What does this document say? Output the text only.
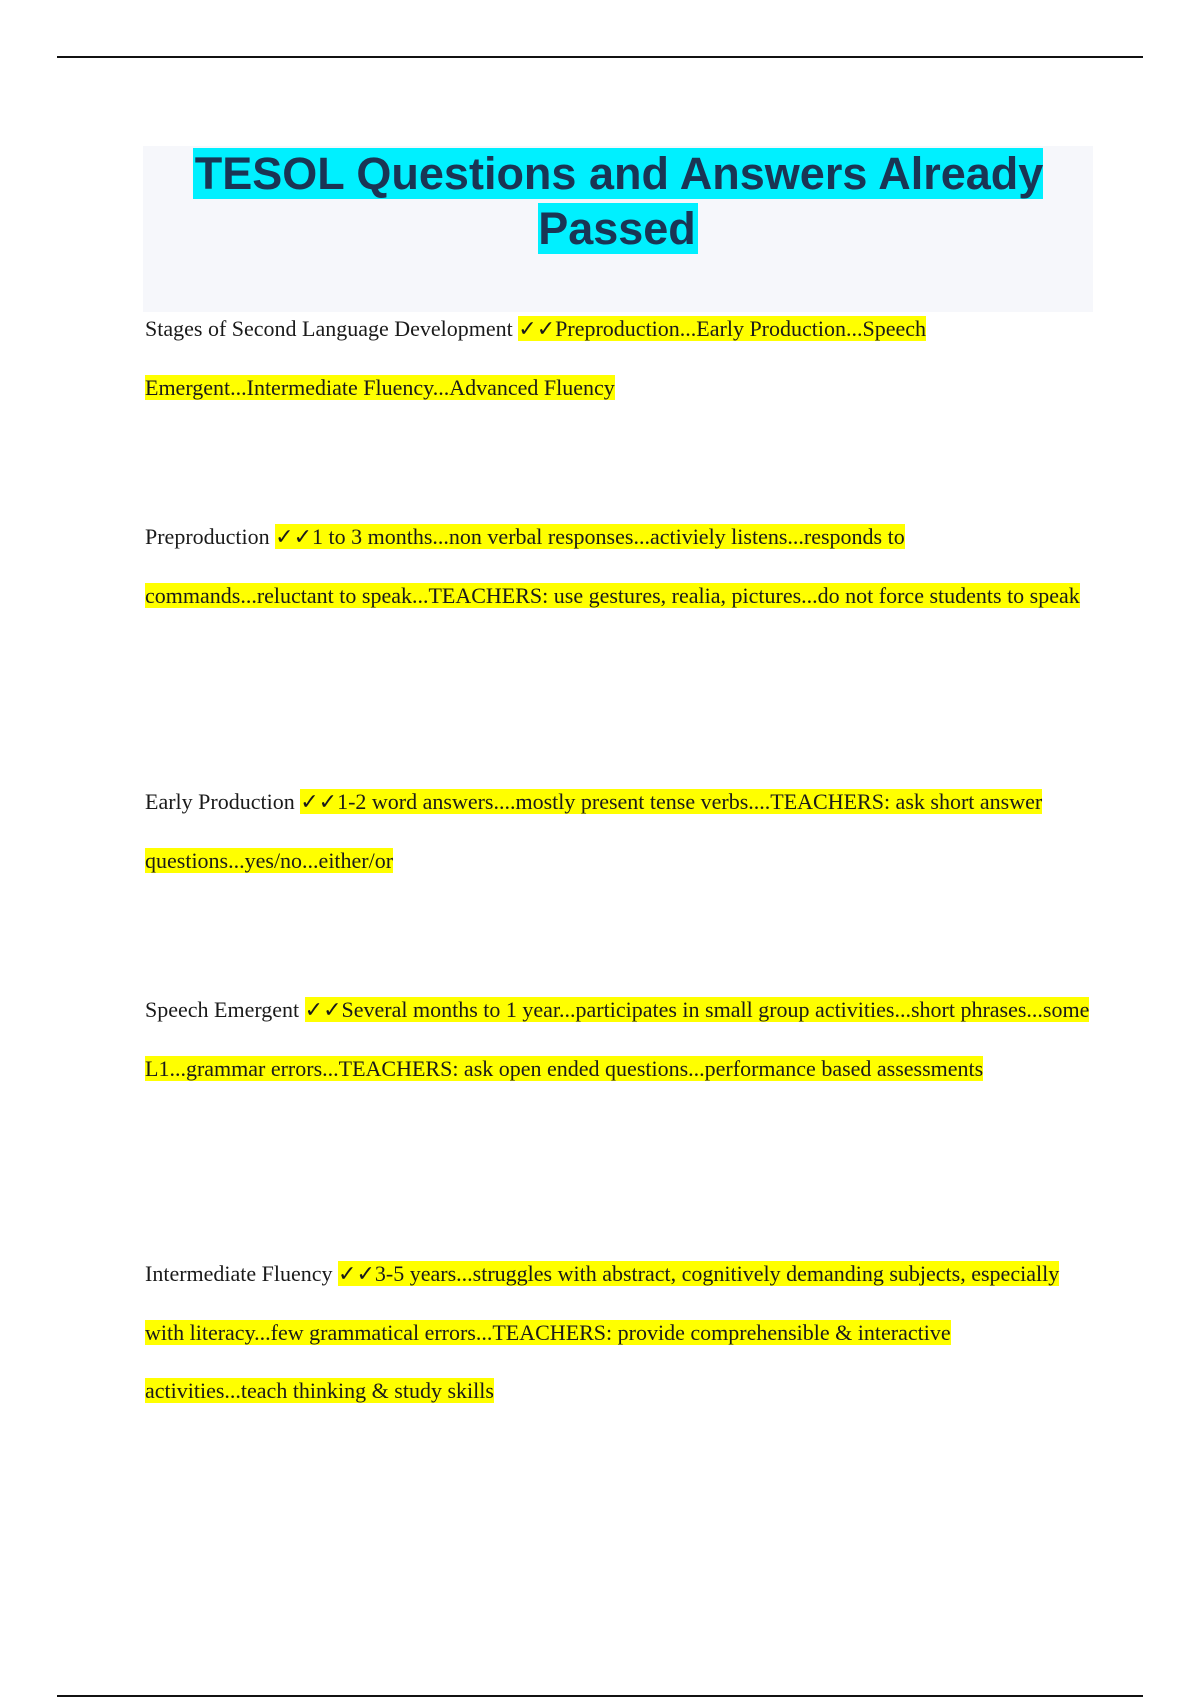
TESOL Questions and Answers Already Passed

Stages of Second Language Development ✓✓Preproduction...Early Production...Speech Emergent...Intermediate Fluency...Advanced Fluency

Preproduction ✓✓1 to 3 months...non verbal responses...activiely listens...responds to commands...reluctant to speak...TEACHERS: use gestures, realia, pictures...do not force students to speak

Early Production ✓✓1-2 word answers....mostly present tense verbs....TEACHERS: ask short answer questions...yes/no...either/or

Speech Emergent ✓✓Several months to 1 year...participates in small group activities...short phrases...some L1...grammar errors...TEACHERS: ask open ended questions...performance based assessments

Intermediate Fluency ✓✓3-5 years...struggles with abstract, cognitively demanding subjects, especially with literacy...few grammatical errors...TEACHERS: provide comprehensible & interactive activities...teach thinking & study skills
